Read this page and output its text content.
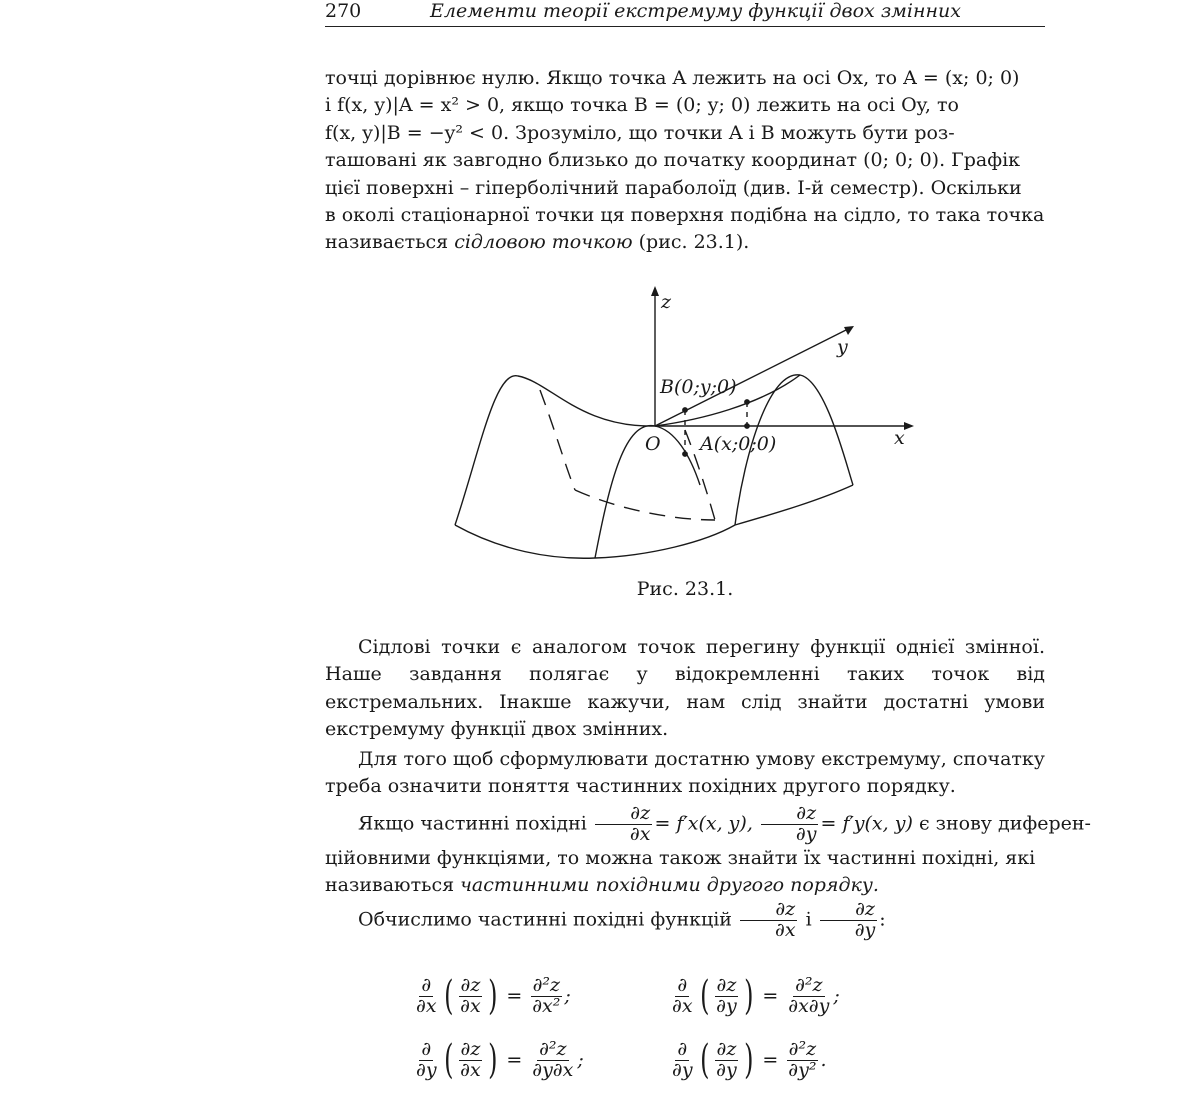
270	Елементи теорії екстремуму функції двох змінних

точці дорівнює нулю. Якщо точка A лежить на осі Ox, то A = (x; 0; 0)

і f(x, y)|A = x² > 0, якщо точка B = (0; y; 0) лежить на осі Oy, то

f(x, y)|B = −y² < 0. Зрозуміло, що точки A і B можуть бути роз-

ташовані як завгодно близько до початку координат (0; 0; 0). Графік

цієї поверхні – гіперболічний параболоїд (див. I-й семестр). Оскільки

в околі стаціонарної точки ця поверхня подібна на сідло, то така точка

називається сідловою точкою (рис. 23.1).

z
y
x
O
B(0;y;0)
A(x;0;0)
Рис. 23.1.

Сідлові точки є аналогом точок перегину функції однієї змінної. Наше завдання полягає у відокремленні таких точок від екстремальних. Інакше кажучи, нам слід знайти достатні умови екстремуму функції двох змінних.

Для того щоб сформулювати достатню умову екстремуму, спочатку треба означити поняття частинних похідних другого порядку.

Якщо частинні похідні $\frac{\partial z}{\partial x} = f'x(x$, y), $\frac{\partial z}{\partial y} = f'y(x$, y) є знову диферен-

ційовними функціями, то можна також знайти їх частинні похідні, які

називаються частинними похідними другого порядку.

Обчислимо частинні похідні функцій $\frac{\partial z}{\partial x}$ і $\frac{\partial z}{\partial y}$ :

$\frac{\partial}{\partial x}$ ( $\frac{\partial z}{\partial x}$ ) = $\frac{\text{∂²z}}{\text{∂x²}}$ ;	$\frac{\partial}{\partial x}$ ( $\frac{\partial z}{\partial y}$ ) = $\frac{\text{∂²z}}{\partial x\partial y}$ ;
$\frac{\partial}{\partial y}$ ( $\frac{\partial z}{\partial x}$ ) = $\frac{\text{∂²z}}{\partial y\partial x}$ ;	$\frac{\partial}{\partial y}$ ( $\frac{\partial z}{\partial y}$ ) = $\frac{\text{∂²z}}{\text{∂y²}}$ .
